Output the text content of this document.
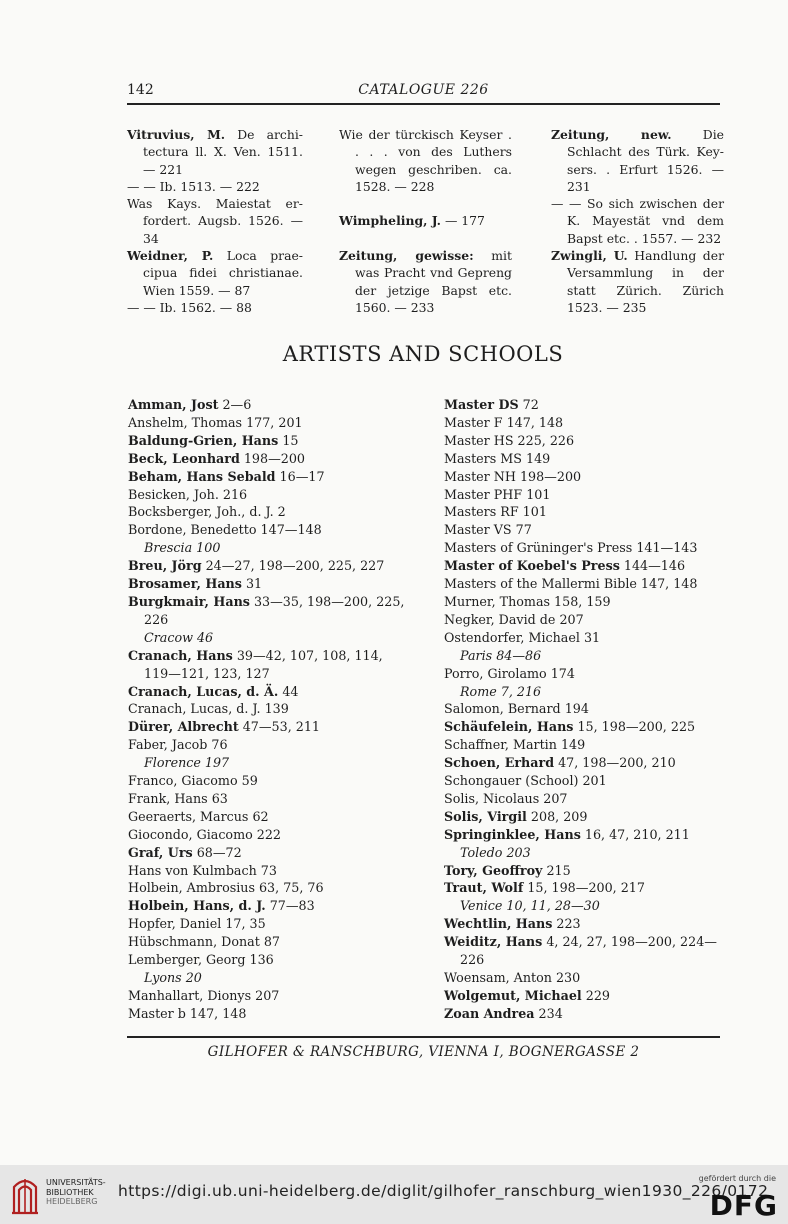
142	CATALOGUE 226
Vitruvius, M. De archi-tectura ll. X. Ven. 1511. — 221
— — Ib. 1513. — 222
Was Kays. Maiestat er-fordert. Augsb. 1526. — 34
Weidner, P. Loca prae-cipua fidei christianae. Wien 1559. — 87
— — Ib. 1562. — 88
Wie der türckisch Keyser . . . . von des Luthers wegen geschriben. ca. 1528. — 228
Wimpheling, J. — 177
Zeitung, gewisse: mit was Pracht vnd Gepreng der jetzige Bapst etc. 1560. — 233
Zeitung, new. Die Schlacht des Türk. Key-sers. . Erfurt 1526. — 231
— — So sich zwischen der K. Mayestät vnd dem Bapst etc. . 1557. — 232
Zwingli, U. Handlung der Versammlung in der statt Zürich. Zürich 1523. — 235
ARTISTS AND SCHOOLS
Amman, Jost 2—6
Anshelm, Thomas 177, 201
Baldung-Grien, Hans 15
Beck, Leonhard 198—200
Beham, Hans Sebald 16—17
Besicken, Joh. 216
Bocksberger, Joh., d. J. 2
Bordone, Benedetto 147—148
Brescia 100
Breu, Jörg 24—27, 198—200, 225, 227
Brosamer, Hans 31
Burgkmair, Hans 33—35, 198—200, 225,
226
Cracow 46
Cranach, Hans 39—42, 107, 108, 114,
119—121, 123, 127
Cranach, Lucas, d. Ä. 44
Cranach, Lucas, d. J. 139
Dürer, Albrecht 47—53, 211
Faber, Jacob 76
Florence 197
Franco, Giacomo 59
Frank, Hans 63
Geeraerts, Marcus 62
Giocondo, Giacomo 222
Graf, Urs 68—72
Hans von Kulmbach 73
Holbein, Ambrosius 63, 75, 76
Holbein, Hans, d. J. 77—83
Hopfer, Daniel 17, 35
Hübschmann, Donat 87
Lemberger, Georg 136
Lyons 20
Manhallart, Dionys 207
Master b 147, 148
Master DS 72
Master F 147, 148
Master HS 225, 226
Masters MS 149
Master NH 198—200
Master PHF 101
Masters RF 101
Master VS 77
Masters of Grüninger's Press 141—143
Master of Koebel's Press 144—146
Masters of the Mallermi Bible 147, 148
Murner, Thomas 158, 159
Negker, David de 207
Ostendorfer, Michael 31
Paris 84—86
Porro, Girolamo 174
Rome 7, 216
Salomon, Bernard 194
Schäufelein, Hans 15, 198—200, 225
Schaffner, Martin 149
Schoen, Erhard 47, 198—200, 210
Schongauer (School) 201
Solis, Nicolaus 207
Solis, Virgil 208, 209
Springinklee, Hans 16, 47, 210, 211
Toledo 203
Tory, Geoffroy 215
Traut, Wolf 15, 198—200, 217
Venice 10, 11, 28—30
Wechtlin, Hans 223
Weiditz, Hans 4, 24, 27, 198—200, 224—
226
Woensam, Anton 230
Wolgemut, Michael 229
Zoan Andrea 234
GILHOFER & RANSCHBURG, VIENNA I, BOGNERGASSE 2
UNIVERSITÄTS-
BIBLIOTHEK
HEIDELBERG
https://digi.ub.uni-heidelberg.de/diglit/gilhofer_ranschburg_wien1930_226/0172
gefördert durch die
DFG
